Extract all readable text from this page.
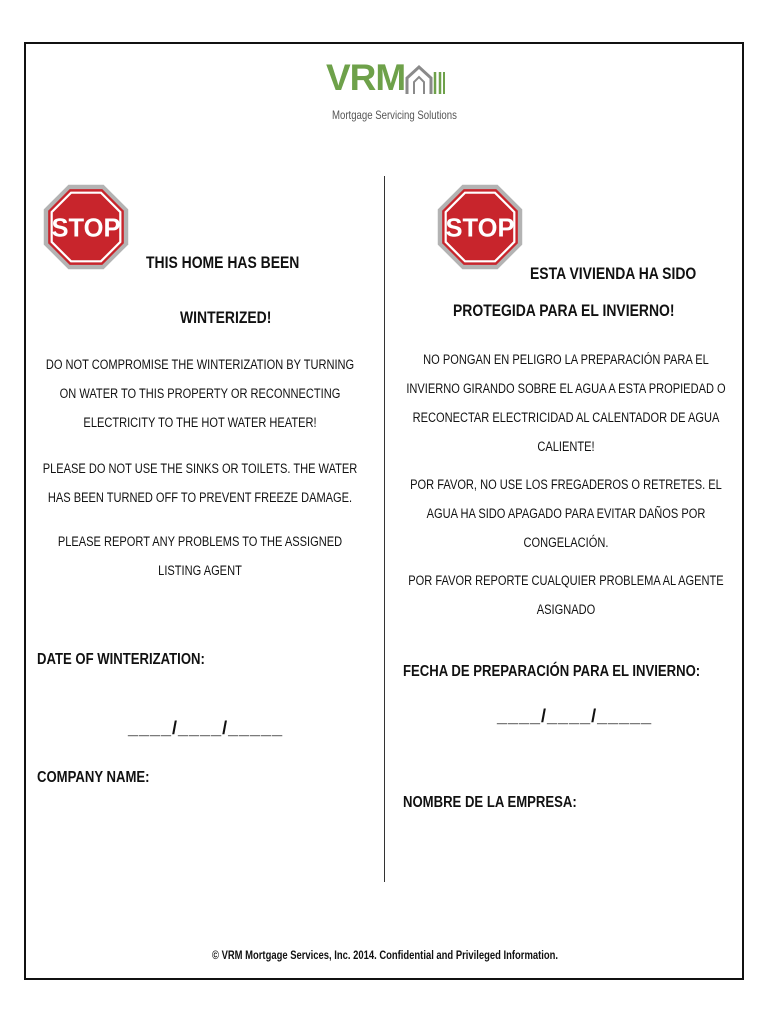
VRM
Mortgage Servicing Solutions
STOP	STOP
THIS HOME HAS BEEN
WINTERIZED!
DO NOT COMPROMISE THE WINTERIZATION BY TURNING ON WATER TO THIS PROPERTY OR RECONNECTING ELECTRICITY TO THE HOT WATER HEATER!
PLEASE DO NOT USE THE SINKS OR TOILETS. THE WATER HAS BEEN TURNED OFF TO PREVENT FREEZE DAMAGE.
PLEASE REPORT ANY PROBLEMS TO THE ASSIGNED LISTING AGENT
DATE OF WINTERIZATION:
____/____/_____
COMPANY NAME:
ESTA VIVIENDA HA SIDO
PROTEGIDA PARA EL INVIERNO!
NO PONGAN EN PELIGRO LA PREPARACIÓN PARA EL INVIERNO GIRANDO SOBRE EL AGUA A ESTA PROPIEDAD O RECONECTAR ELECTRICIDAD AL CALENTADOR DE AGUA CALIENTE!
POR FAVOR, NO USE LOS FREGADEROS O RETRETES. EL AGUA HA SIDO APAGADO PARA EVITAR DAÑOS POR CONGELACIÓN.
POR FAVOR REPORTE CUALQUIER PROBLEMA AL AGENTE ASIGNADO
FECHA DE PREPARACIÓN PARA EL INVIERNO:
____/____/_____
NOMBRE DE LA EMPRESA:
© VRM Mortgage Services, Inc. 2014. Confidential and Privileged Information.
